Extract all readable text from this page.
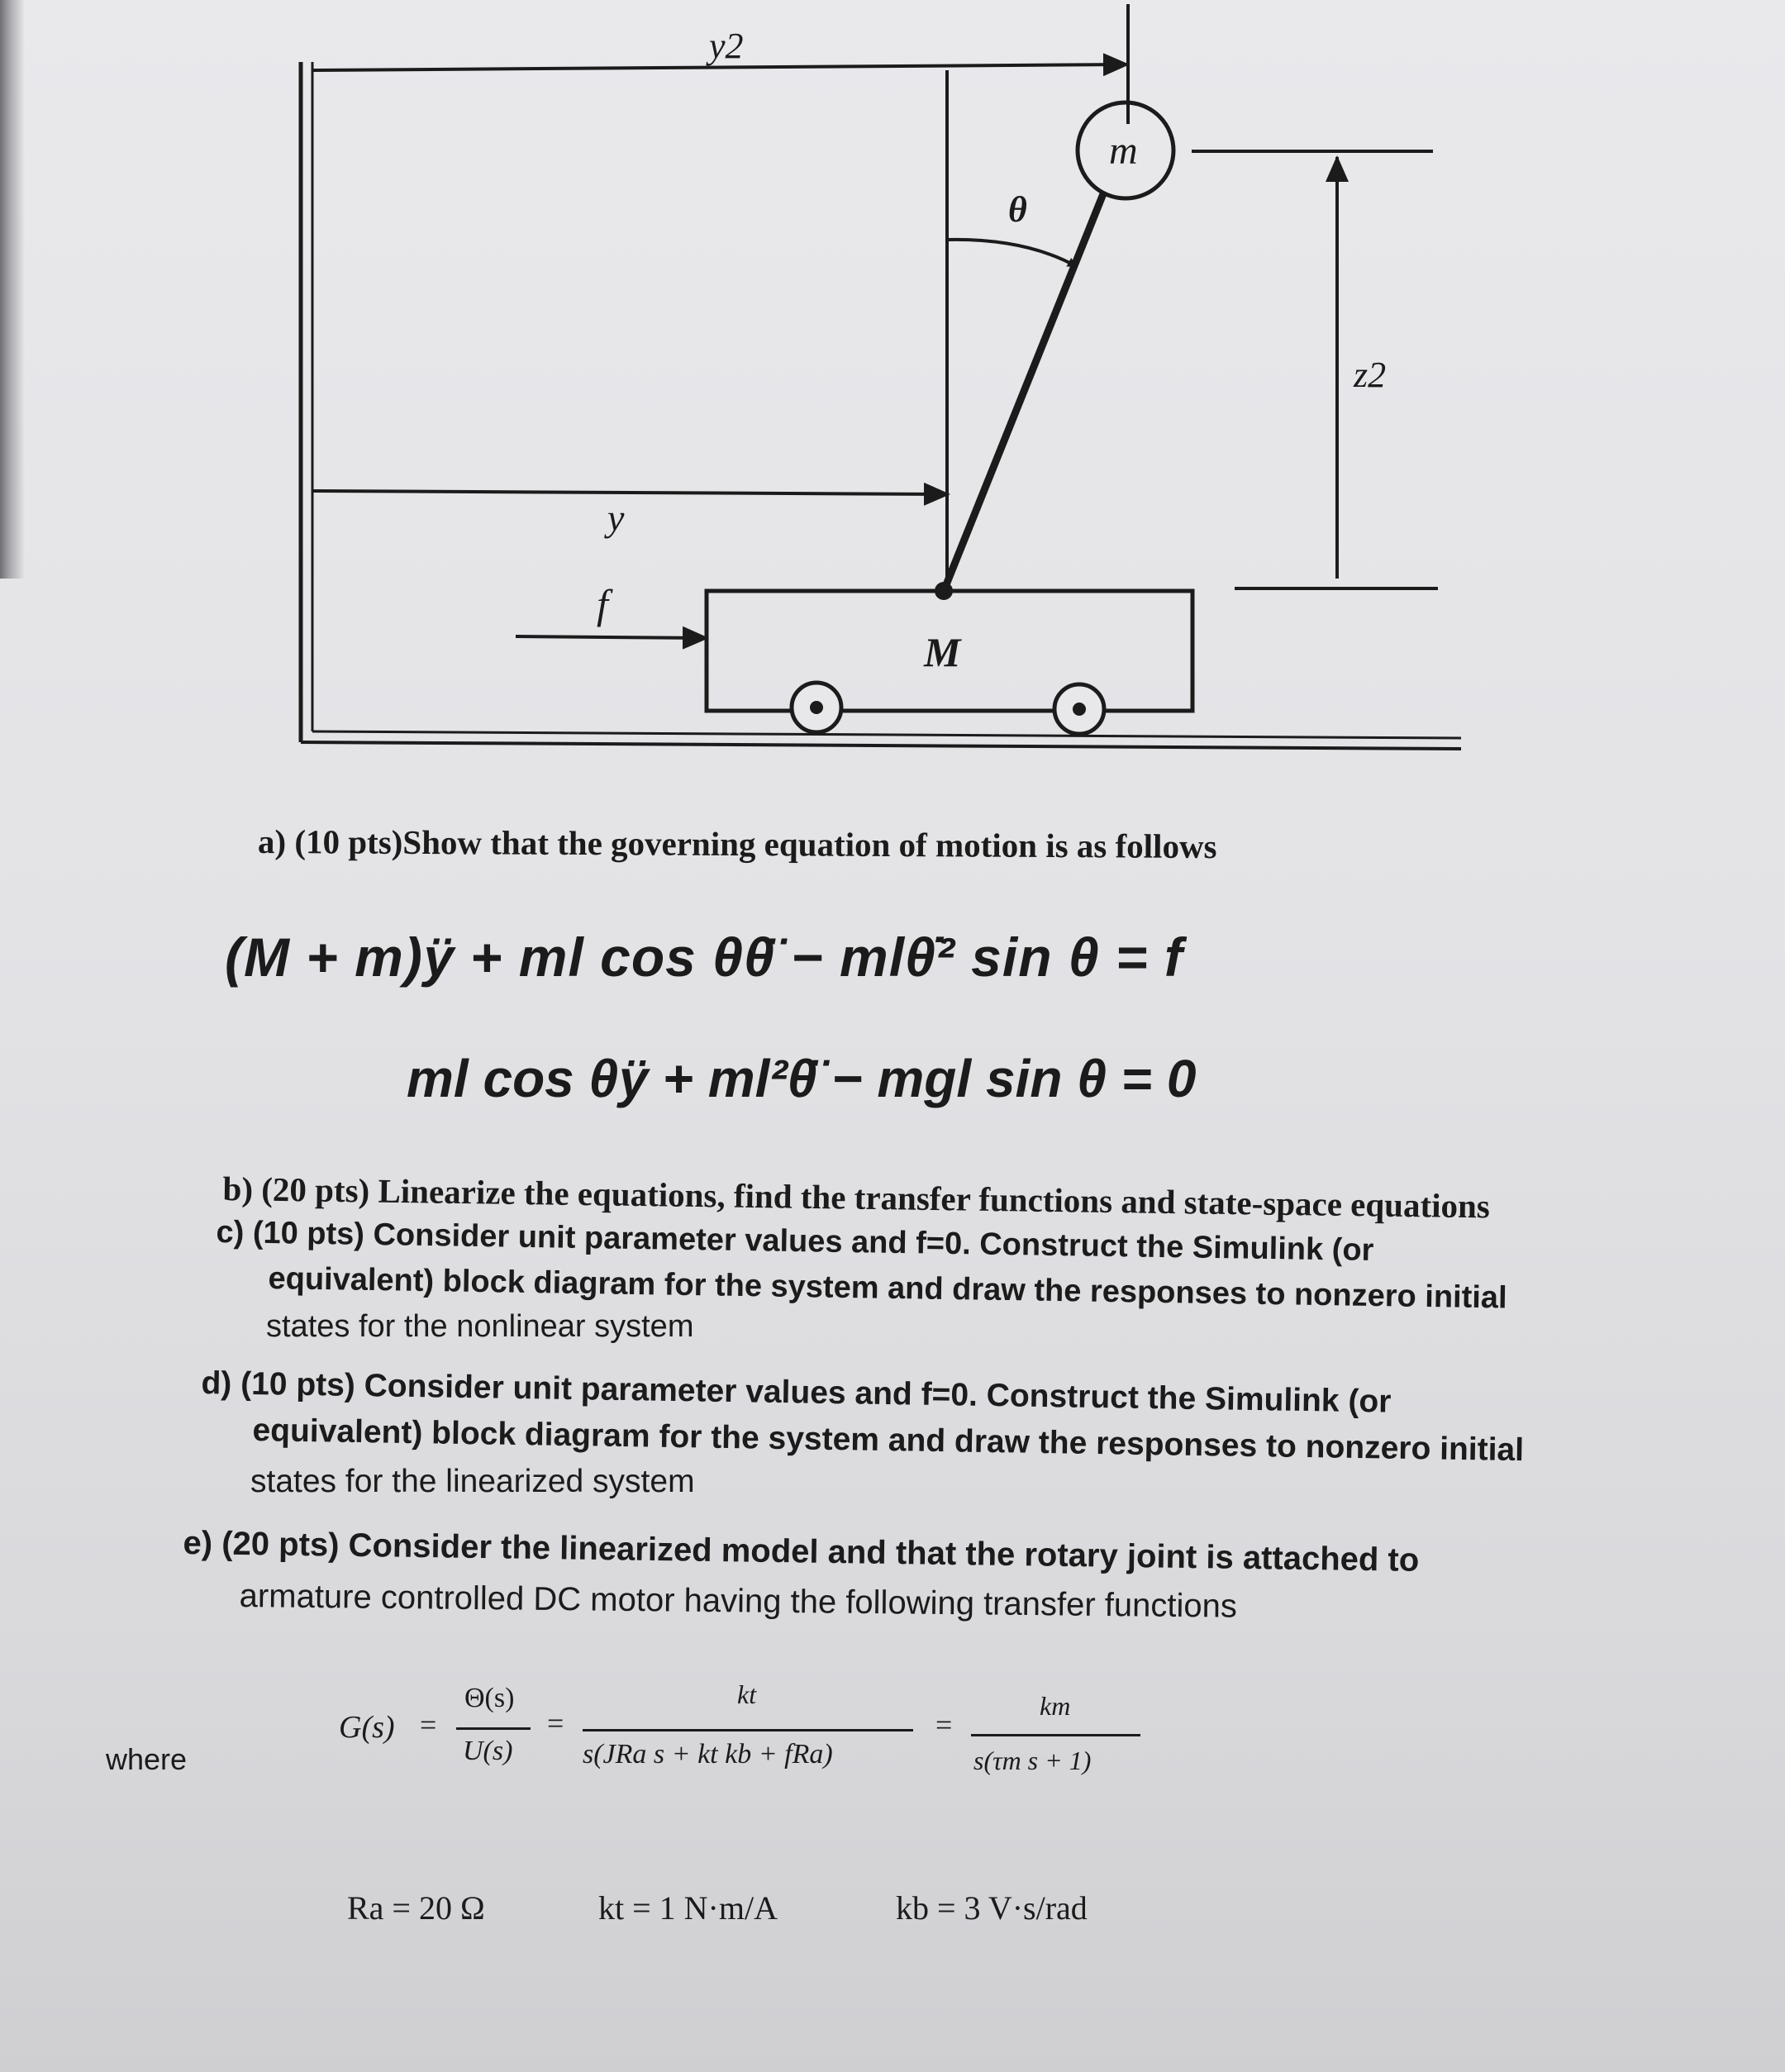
y2
y
m
θ
z2
M
f
a) (10 pts)Show that the governing equation of motion is as follows
(M + m)ÿ + ml cos θθ̈ − mlθ̇² sin θ = f
ml cos θÿ + ml²θ̈ − mgl sin θ = 0
b) (20 pts) Linearize the equations, find the transfer functions and state-space equations
c) (10 pts) Consider unit parameter values and f=0. Construct the Simulink (or
equivalent) block diagram for the system and draw the responses to nonzero initial
states for the nonlinear system
d) (10 pts) Consider unit parameter values and f=0. Construct the Simulink (or
equivalent) block diagram for the system and draw the responses to nonzero initial
states for the linearized system
e) (20 pts) Consider the linearized model and that the rotary joint is attached to
armature controlled DC motor having the following transfer functions
where
G(s) =
Θ(s)
U(s)
=
kt
s(JRa s + kt kb + fRa)
=
km
s(τm s + 1)
Ra = 20 Ω	kt = 1 N·m/A	kb = 3 V·s/rad
